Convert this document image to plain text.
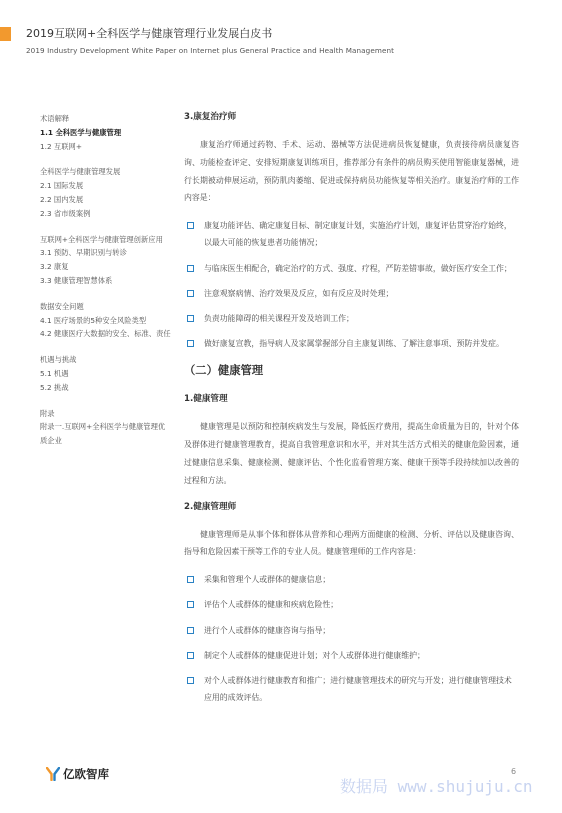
2019互联网+全科医学与健康管理行业发展白皮书
2019 Industry Development White Paper on Internet plus General Practice and Health Management
术语解释
1.1 全科医学与健康管理
1.2 互联网+
全科医学与健康管理发展
2.1 国际发展
2.2 国内发展
2.3 省市级案例
互联网+全科医学与健康管理创新应用
3.1 预防、早期识别与转诊
3.2 康复
3.3 健康管理智慧体系
数据安全问题
4.1 医疗场景的5种安全风险类型
4.2 健康医疗大数据的安全、标准、责任
机遇与挑战
5.1 机遇
5.2 挑战
附录
附录一.互联网+全科医学与健康管理优质企业
3.康复治疗师

康复治疗师通过药物、手术、运动、器械等方法促进病员恢复健康，负责接待病员康复咨询、功能检查评定、安排短期康复训练项目，推荐部分有条件的病员购买使用智能康复器械，进行长期被动伸展运动，预防肌肉萎缩、促进或保持病员功能恢复等相关治疗。康复治疗师的工作内容是：

康复功能评估、确定康复目标、制定康复计划，实施治疗计划，康复评估贯穿治疗始终，以最大可能的恢复患者功能情况；
与临床医生相配合，确定治疗的方式、强度、疗程，严防差错事故，做好医疗安全工作；
注意观察病情、治疗效果及反应，如有反应及时处理；
负责功能障碍的相关课程开发及培训工作；
做好康复宣教，指导病人及家属掌握部分自主康复训练、了解注意事项、预防并发症。
（二）健康管理
1.健康管理

健康管理是以预防和控制疾病发生与发展，降低医疗费用，提高生命质量为目的，针对个体及群体进行健康管理教育，提高自我管理意识和水平，并对其生活方式相关的健康危险因素，通过健康信息采集、健康检测、健康评估、个性化监看管理方案、健康干预等手段持续加以改善的过程和方法。

2.健康管理师

健康管理师是从事个体和群体从营养和心理两方面健康的检测、分析、评估以及健康咨询、指导和危险因素干预等工作的专业人员。健康管理师的工作内容是：

采集和管理个人或群体的健康信息；
评估个人或群体的健康和疾病危险性；
进行个人或群体的健康咨询与指导；
制定个人或群体的健康促进计划；对个人或群体进行健康维护；
对个人或群体进行健康教育和推广；进行健康管理技术的研究与开发；进行健康管理技术应用的成效评估。
亿欧智库
数据局 www.shujuju.cn
6
